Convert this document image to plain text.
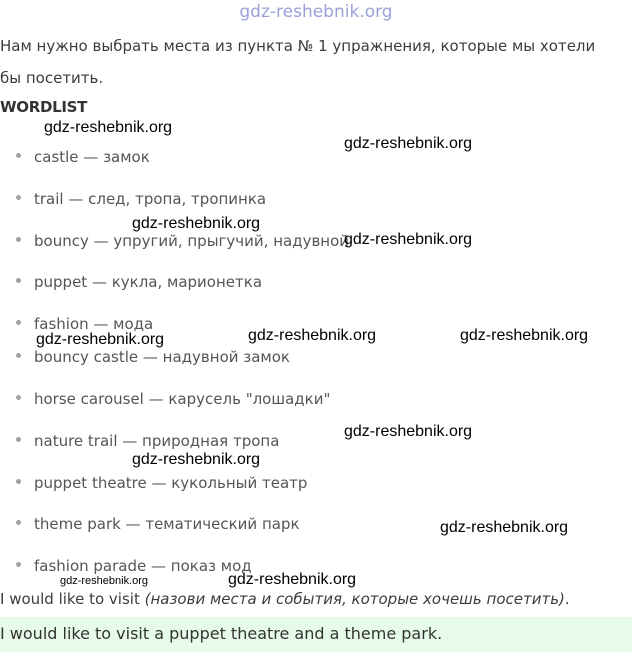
gdz-reshebnik.org
Нам нужно выбрать места из пункта № 1 упражнения, которые мы хотели бы посетить.
WORDLIST
castle — замок
trail — след, тропа, тропинка
bouncy — упругий, прыгучий, надувной
puppet — кукла, марионетка
fashion — мода
bouncy castle — надувной замок
horse carousel — карусель "лошадки"
nature trail — природная тропа
puppet theatre — кукольный театр
theme park — тематический парк
fashion parade — показ мод
I would like to visit (назови места и события, которые хочешь посетить).
I would like to visit a puppet theatre and a theme park.
gdz-reshebnik.org
gdz-reshebnik.org
gdz-reshebnik.org
gdz-reshebnik.org
gdz-reshebnik.org	gdz-reshebnik.org
gdz-reshebnik.org
gdz-reshebnik.org
gdz-reshebnik.org
gdz-reshebnik.org
gdz-reshebnik.org
gdz-reshebnik.org
